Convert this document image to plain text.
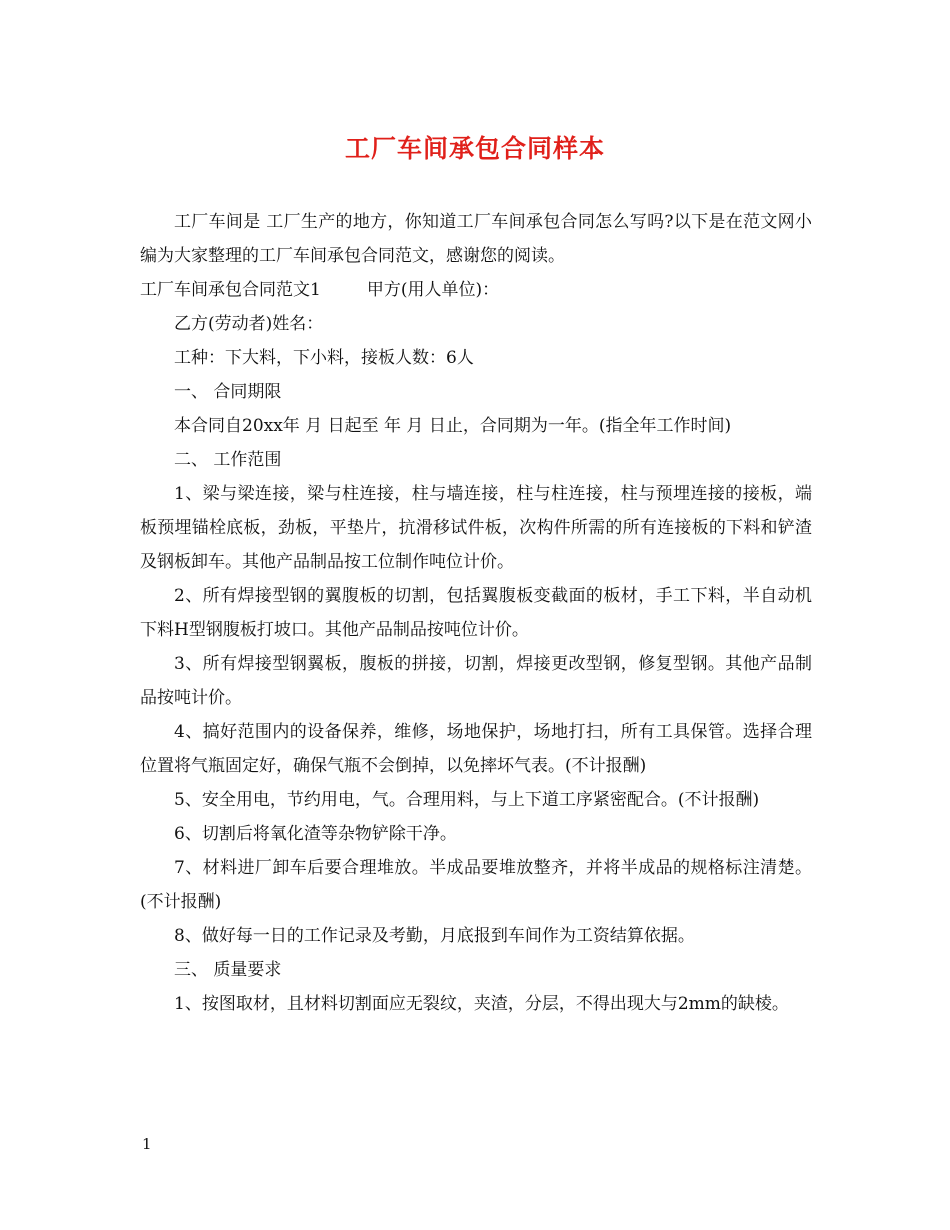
工厂车间承包合同样本

工厂车间是 工厂生产的地方，你知道工厂车间承包合同怎么写吗?以下是在范文网小编为大家整理的工厂车间承包合同范文，感谢您的阅读。

工厂车间承包合同范文1	甲方(用人单位)：

乙方(劳动者)姓名：

工种：下大料，下小料，接板人数：6人

一、 合同期限

本合同自20xx年 月 日起至 年 月 日止，合同期为一年。(指全年工作时间)

二、 工作范围

1、梁与梁连接，梁与柱连接，柱与墙连接，柱与柱连接，柱与预埋连接的接板，端板预埋锚栓底板，劲板，平垫片，抗滑移试件板，次构件所需的所有连接板的下料和铲渣及钢板卸车。其他产品制品按工位制作吨位计价。

2、所有焊接型钢的翼腹板的切割，包括翼腹板变截面的板材，手工下料，半自动机下料H型钢腹板打坡口。其他产品制品按吨位计价。

3、所有焊接型钢翼板，腹板的拼接，切割，焊接更改型钢，修复型钢。其他产品制品按吨计价。

4、搞好范围内的设备保养，维修，场地保护，场地打扫，所有工具保管。选择合理位置将气瓶固定好，确保气瓶不会倒掉，以免摔坏气表。(不计报酬)

5、安全用电，节约用电，气。合理用料，与上下道工序紧密配合。(不计报酬)

6、切割后将氧化渣等杂物铲除干净。

7、材料进厂卸车后要合理堆放。半成品要堆放整齐，并将半成品的规格标注清楚。(不计报酬)

8、做好每一日的工作记录及考勤，月底报到车间作为工资结算依据。

三、 质量要求

1、按图取材，且材料切割面应无裂纹，夹渣，分层，不得出现大与2mm的缺棱。

1
